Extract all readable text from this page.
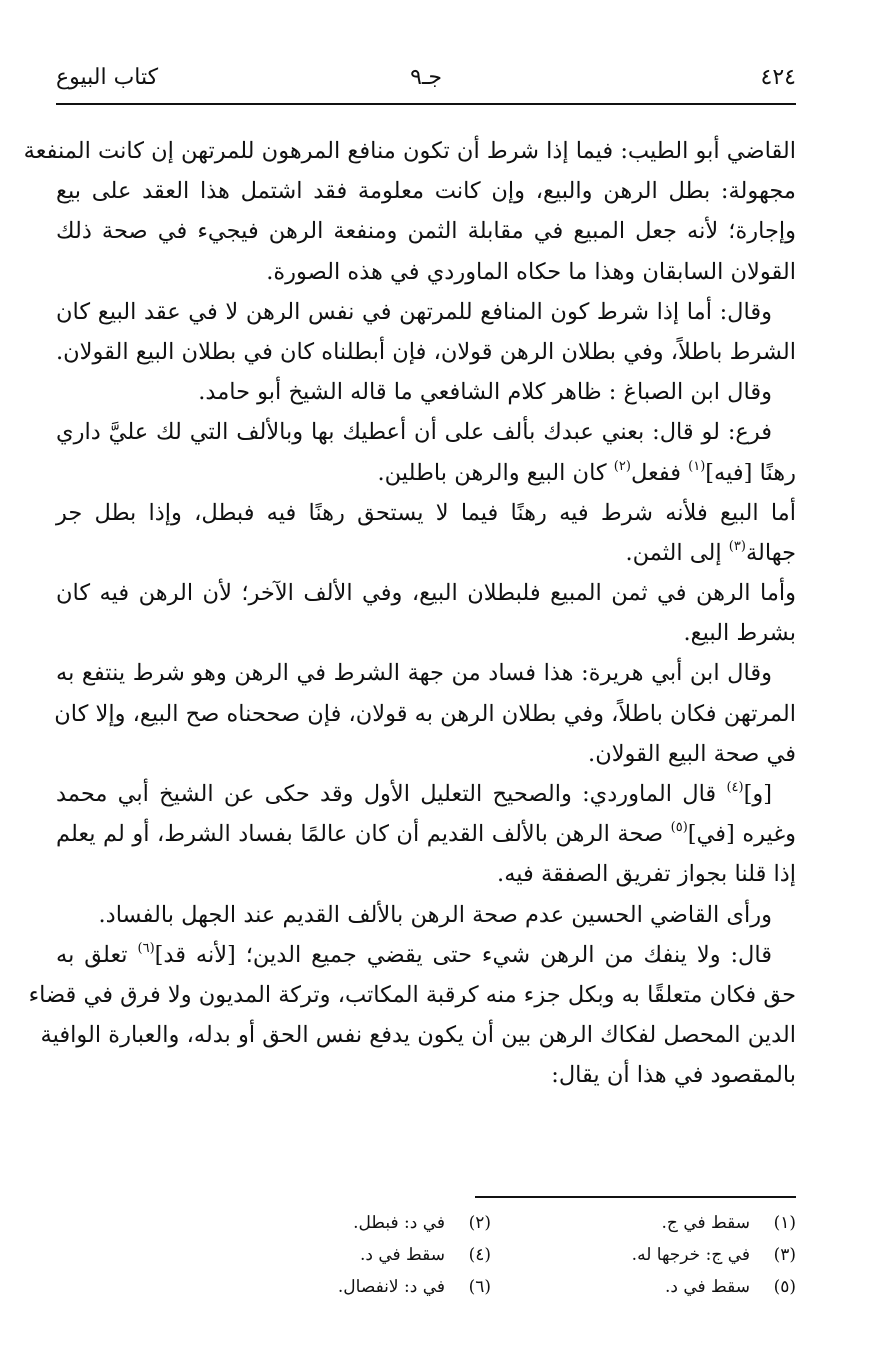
٤٢٤
جـ٩
كتاب البيوع
القاضي أبو الطيب: فيما إذا شرط أن تكون منافع المرهون للمرتهن إن كانت المنفعة
مجهولة: بطل الرهن والبيع، وإن كانت معلومة فقد اشتمل هذا العقد على بيع
وإجارة؛ لأنه جعل المبيع في مقابلة الثمن ومنفعة الرهن فيجيء في صحة ذلك
القولان السابقان وهذا ما حكاه الماوردي في هذه الصورة.
وقال: أما إذا شرط كون المنافع للمرتهن في نفس الرهن لا في عقد البيع كان
الشرط باطلاً، وفي بطلان الرهن قولان، فإن أبطلناه كان في بطلان البيع القولان.
وقال ابن الصباغ : ظاهر كلام الشافعي ما قاله الشيخ أبو حامد.
فرع: لو قال: بعني عبدك بألف على أن أعطيك بها وبالألف التي لك عليَّ داري
رهنًا [فيه]$^{(١)}$ ففعل$^{(٢)}$ كان البيع والرهن باطلين.
أما البيع فلأنه شرط فيه رهنًا فيما لا يستحق رهنًا فيه فبطل، وإذا بطل جر
جهالة$^{(٣)}$ إلى الثمن.
وأما الرهن في ثمن المبيع فلبطلان البيع، وفي الألف الآخر؛ لأن الرهن فيه كان
بشرط البيع.
وقال ابن أبي هريرة: هذا فساد من جهة الشرط في الرهن وهو شرط ينتفع به
المرتهن فكان باطلاً، وفي بطلان الرهن به قولان، فإن صححناه صح البيع، وإلا كان
في صحة البيع القولان.
[و]$^{(٤)}$ قال الماوردي: والصحيح التعليل الأول وقد حكى عن الشيخ أبي محمد
وغيره [في]$^{(٥)}$ صحة الرهن بالألف القديم أن كان عالمًا بفساد الشرط، أو لم يعلم
إذا قلنا بجواز تفريق الصفقة فيه.
ورأى القاضي الحسين عدم صحة الرهن بالألف القديم عند الجهل بالفساد.
قال: ولا ينفك من الرهن شيء حتى يقضي جميع الدين؛ [لأنه قد]$^{(٦)}$ تعلق به
حق فكان متعلقًا به وبكل جزء منه كرقبة المكاتب، وتركة المديون ولا فرق في قضاء
الدين المحصل لفكاك الرهن بين أن يكون يدفع نفس الحق أو بدله، والعبارة الوافية
بالمقصود في هذا أن يقال:
(١)سقط في ج.
(٢)في د: فبطل.
(٣)في ج: خرجها له.
(٤)سقط في د.
(٥)سقط في د.
(٦)في د: لانفصال.
